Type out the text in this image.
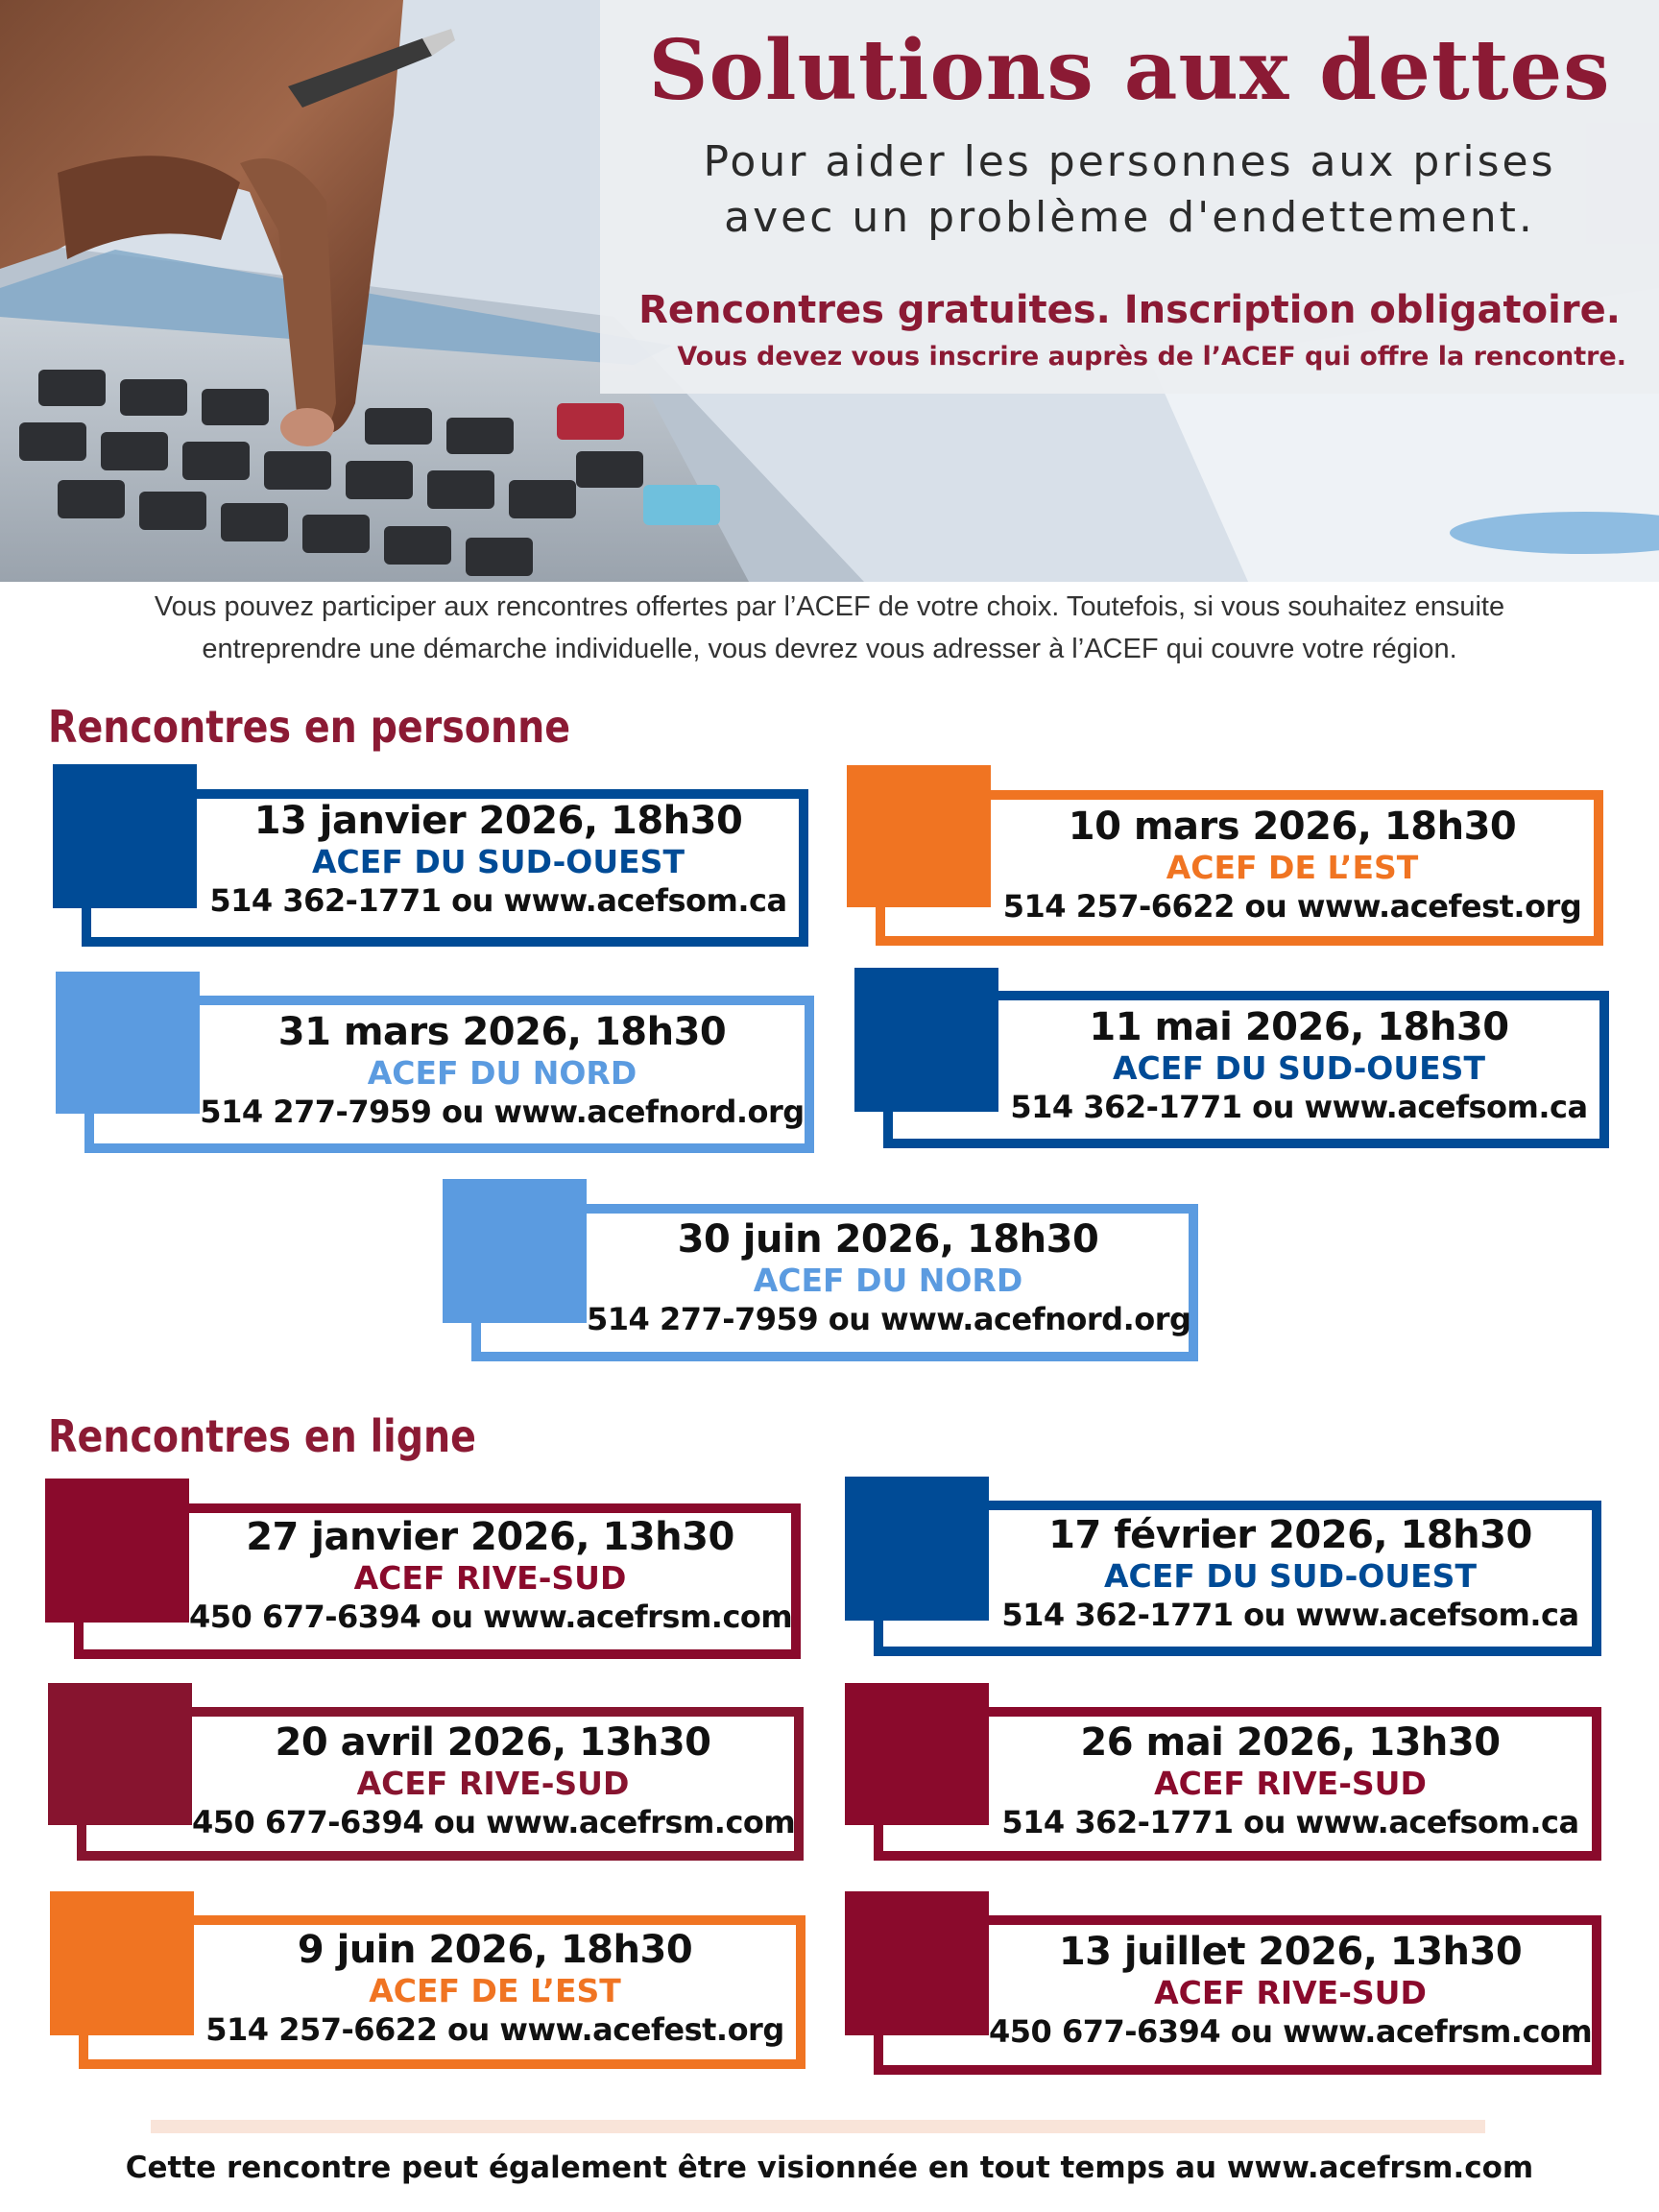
Solutions aux dettes
Pour aider les personnes aux prises
avec un problème d'endettement.
Rencontres gratuites. Inscription obligatoire.
Vous devez vous inscrire auprès de l’ACEF qui offre la rencontre.
Vous pouvez participer aux rencontres offertes par l’ACEF de votre choix. Toutefois, si vous souhaitez ensuite
entreprendre une démarche individuelle, vous devrez vous adresser à l’ACEF qui couvre votre région.
Rencontres en personne
13 janvier 2026, 18h30
ACEF DU SUD-OUEST
514 362-1771 ou www.acefsom.ca
10 mars 2026, 18h30
ACEF DE L’EST
514 257-6622 ou www.acefest.org
31 mars 2026, 18h30
ACEF DU NORD
514 277-7959 ou www.acefnord.org
11 mai 2026, 18h30
ACEF DU SUD-OUEST
514 362-1771 ou www.acefsom.ca
30 juin 2026, 18h30
ACEF DU NORD
514 277-7959 ou www.acefnord.org
Rencontres en ligne
27 janvier 2026, 13h30
ACEF RIVE-SUD
450 677-6394 ou www.acefrsm.com
17 février 2026, 18h30
ACEF DU SUD-OUEST
514 362-1771 ou www.acefsom.ca
20 avril 2026, 13h30
ACEF RIVE-SUD
450 677-6394 ou www.acefrsm.com
26 mai 2026, 13h30
ACEF RIVE-SUD
514 362-1771 ou www.acefsom.ca
9 juin 2026, 18h30
ACEF DE L’EST
514 257-6622 ou www.acefest.org
13 juillet 2026, 13h30
ACEF RIVE-SUD
450 677-6394 ou www.acefrsm.com
Cette rencontre peut également être visionnée en tout temps au www.acefrsm.com
